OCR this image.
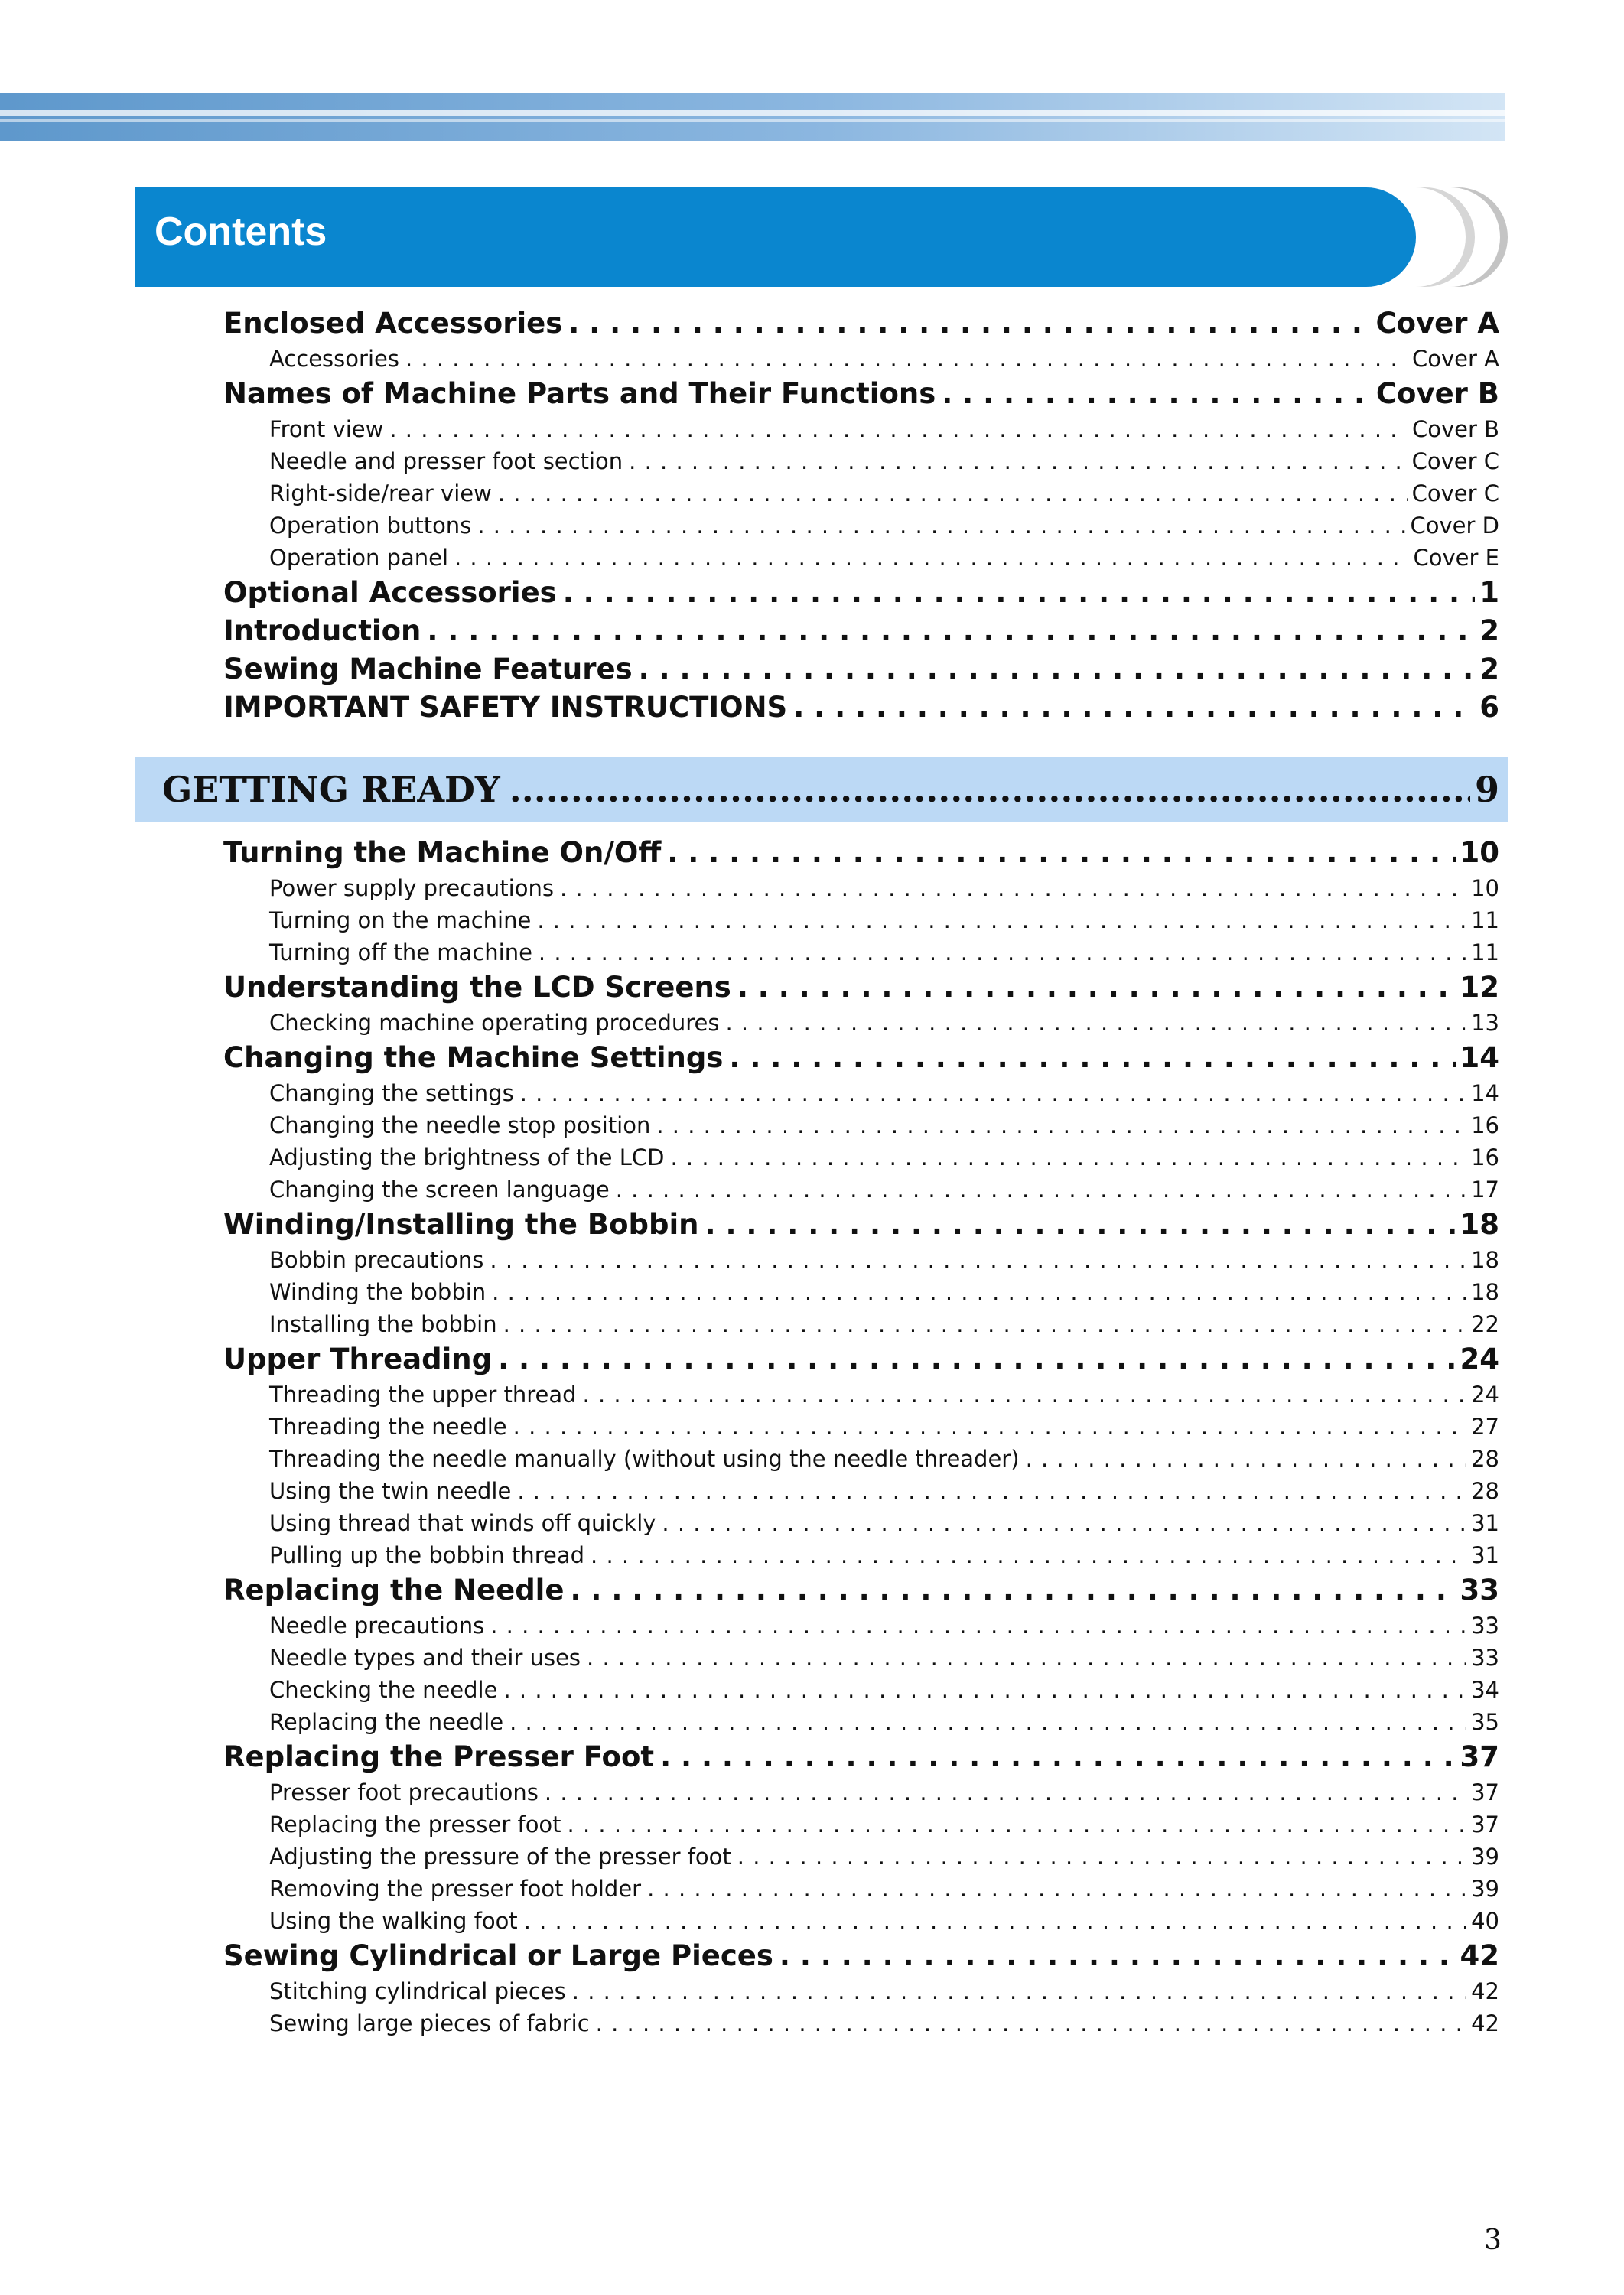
Contents
GETTING READY .....	9
Enclosed Accessories . . .	Cover A
Accessories . . .	Cover A
Names of Machine Parts and Their Functions . . .	Cover B
Front view . . .	Cover B
Needle and presser foot section . . .	Cover C
Right-side/rear view . . .	Cover C
Operation buttons . . .	Cover D
Operation panel . . .	Cover E
Optional Accessories . . .	1
Introduction . . .	2
Sewing Machine Features . . .	2
IMPORTANT SAFETY INSTRUCTIONS . . .	6
Turning the Machine On/Off . . .	10
Power supply precautions . . .	10
Turning on the machine . . .	11
Turning off the machine . . .	11
Understanding the LCD Screens . . .	12
Checking machine operating procedures . . .	13
Changing the Machine Settings . . .	14
Changing the settings . . .	14
Changing the needle stop position . . .	16
Adjusting the brightness of the LCD . . .	16
Changing the screen language . . .	17
Winding/Installing the Bobbin . . .	18
Bobbin precautions . . .	18
Winding the bobbin . . .	18
Installing the bobbin . . .	22
Upper Threading . . .	24
Threading the upper thread . . .	24
Threading the needle . . .	27
Threading the needle manually (without using the needle threader) . . .	28
Using the twin needle . . .	28
Using thread that winds off quickly . . .	31
Pulling up the bobbin thread . . .	31
Replacing the Needle . . .	33
Needle precautions . . .	33
Needle types and their uses . . .	33
Checking the needle . . .	34
Replacing the needle . . .	35
Replacing the Presser Foot . . .	37
Presser foot precautions . . .	37
Replacing the presser foot . . .	37
Adjusting the pressure of the presser foot . . .	39
Removing the presser foot holder . . .	39
Using the walking foot . . .	40
Sewing Cylindrical or Large Pieces . . .	42
Stitching cylindrical pieces . . .	42
Sewing large pieces of fabric . . .	42
3
